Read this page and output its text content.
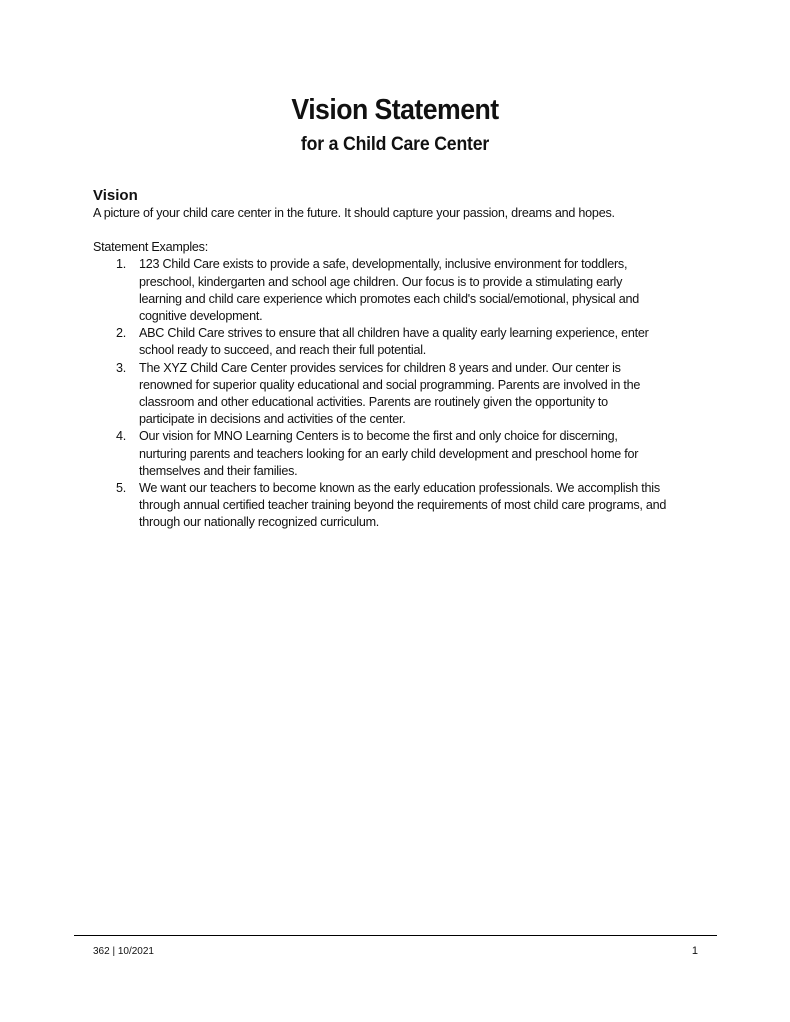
Vision Statement
for a Child Care Center
Vision
A picture of your child care center in the future. It should capture your passion, dreams and hopes.
Statement Examples:
1. 123 Child Care exists to provide a safe, developmentally, inclusive environment for toddlers,
preschool, kindergarten and school age children. Our focus is to provide a stimulating early
learning and child care experience which promotes each child's social/emotional, physical and
cognitive development.
2. ABC Child Care strives to ensure that all children have a quality early learning experience, enter
school ready to succeed, and reach their full potential.
3. The XYZ Child Care Center provides services for children 8 years and under. Our center is
renowned for superior quality educational and social programming. Parents are involved in the
classroom and other educational activities. Parents are routinely given the opportunity to
participate in decisions and activities of the center.
4. Our vision for MNO Learning Centers is to become the first and only choice for discerning,
nurturing parents and teachers looking for an early child development and preschool home for
themselves and their families.
5. We want our teachers to become known as the early education professionals. We accomplish this
through annual certified teacher training beyond the requirements of most child care programs, and
through our nationally recognized curriculum.
362 | 10/2021	1
